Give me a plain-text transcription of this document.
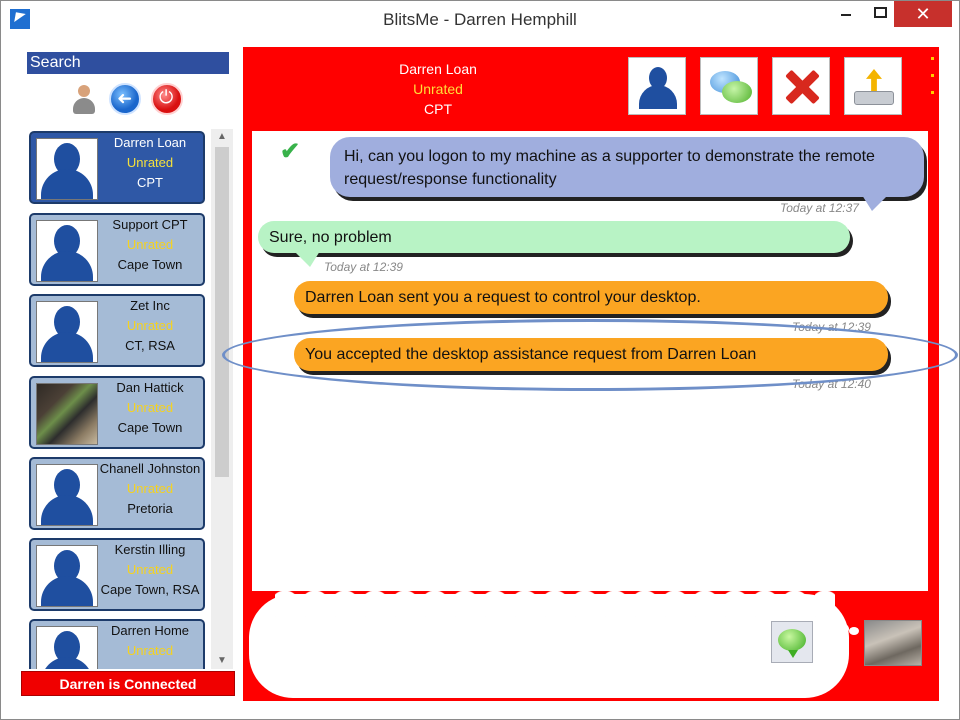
BlitsMe - Darren Hemphill	✕
Search
➜
⏻
Darren Loan
Unrated
CPT
Support CPT
Unrated
Cape Town
Zet Inc
Unrated
CT, RSA
Dan Hattick
Unrated
Cape Town
Chanell Johnston
Unrated
Pretoria
Kerstin Illing
Unrated
Cape Town, RSA
Darren Home
Unrated
▲
▼
Darren is Connected
Darren Loan
Unrated
CPT
✔	Hi, can you logon to my machine as a supporter to demonstrate the remote request/response functionality
Today at 12:37
Sure, no problem
Today at 12:39
Darren Loan sent you a request to control your desktop.
Today at 12:39
You accepted the desktop assistance request from Darren Loan
Today at 12:40
